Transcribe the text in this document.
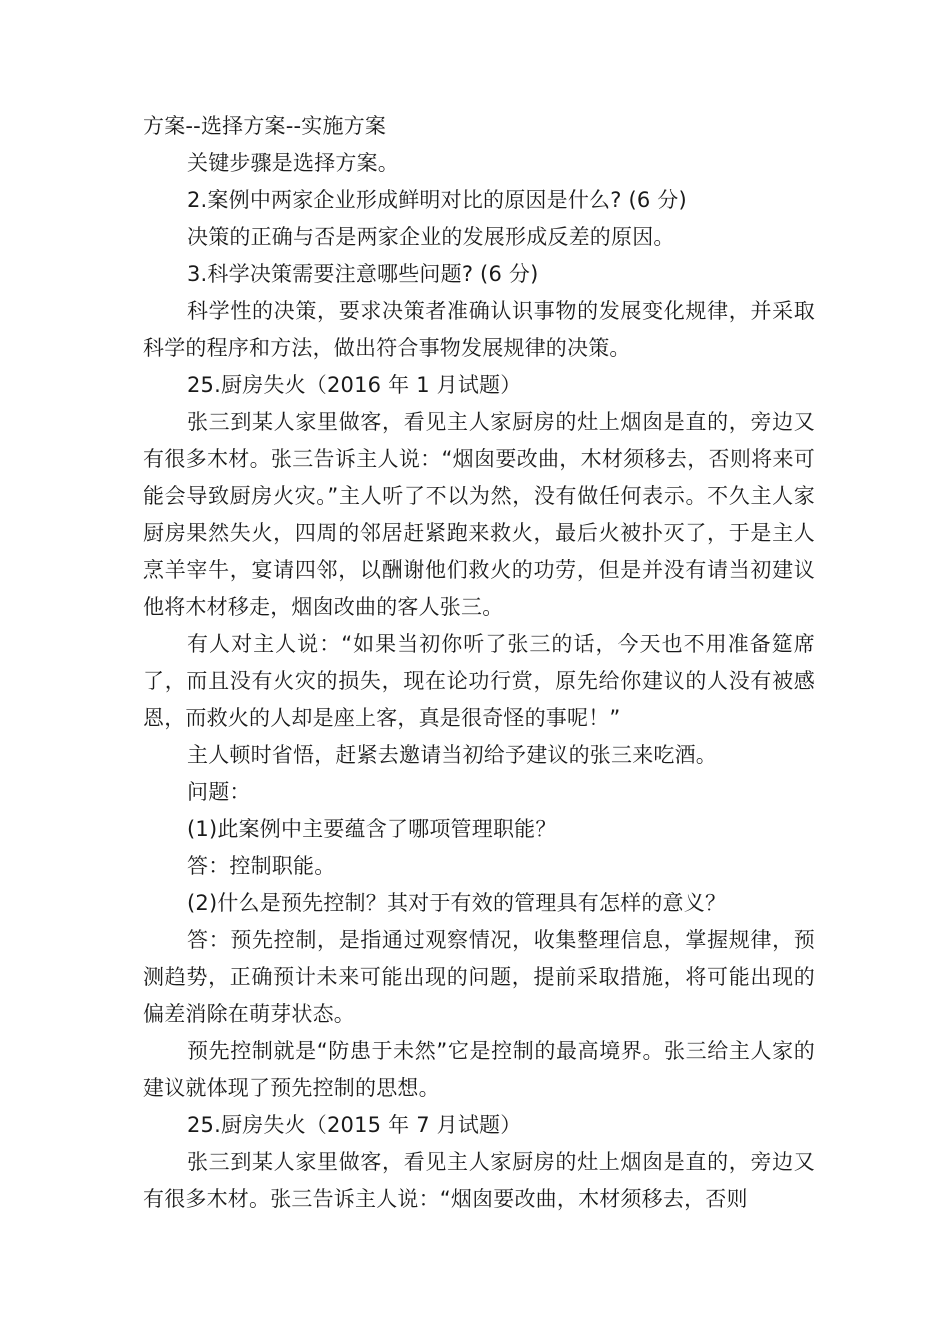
方案--选择方案--实施方案

关键步骤是选择方案。

2.案例中两家企业形成鲜明对比的原因是什么? (6 分)

决策的正确与否是两家企业的发展形成反差的原因。

3.科学决策需要注意哪些问题? (6 分)

科学性的决策，要求决策者准确认识事物的发展变化规律，并采取科学的程序和方法，做出符合事物发展规律的决策。

25.厨房失火（2016 年 1 月试题）

张三到某人家里做客，看见主人家厨房的灶上烟囱是直的，旁边又有很多木材。张三告诉主人说：“烟囱要改曲，木材须移去，否则将来可能会导致厨房火灾。”主人听了不以为然，没有做任何表示。不久主人家厨房果然失火，四周的邻居赶紧跑来救火，最后火被扑灭了，于是主人烹羊宰牛，宴请四邻，以酬谢他们救火的功劳，但是并没有请当初建议他将木材移走，烟囱改曲的客人张三。

有人对主人说：“如果当初你听了张三的话，今天也不用准备筵席了，而且没有火灾的损失，现在论功行赏，原先给你建议的人没有被感恩，而救火的人却是座上客，真是很奇怪的事呢！”

主人顿时省悟，赶紧去邀请当初给予建议的张三来吃酒。

问题：

(1)此案例中主要蕴含了哪项管理职能？

答：控制职能。

(2)什么是预先控制？其对于有效的管理具有怎样的意义？

答：预先控制，是指通过观察情况，收集整理信息，掌握规律，预测趋势，正确预计未来可能出现的问题，提前采取措施，将可能出现的偏差消除在萌芽状态。

预先控制就是“防患于未然”它是控制的最高境界。张三给主人家的建议就体现了预先控制的思想。

25.厨房失火（2015 年 7 月试题）

张三到某人家里做客，看见主人家厨房的灶上烟囱是直的，旁边又有很多木材。张三告诉主人说：“烟囱要改曲，木材须移去，否则
